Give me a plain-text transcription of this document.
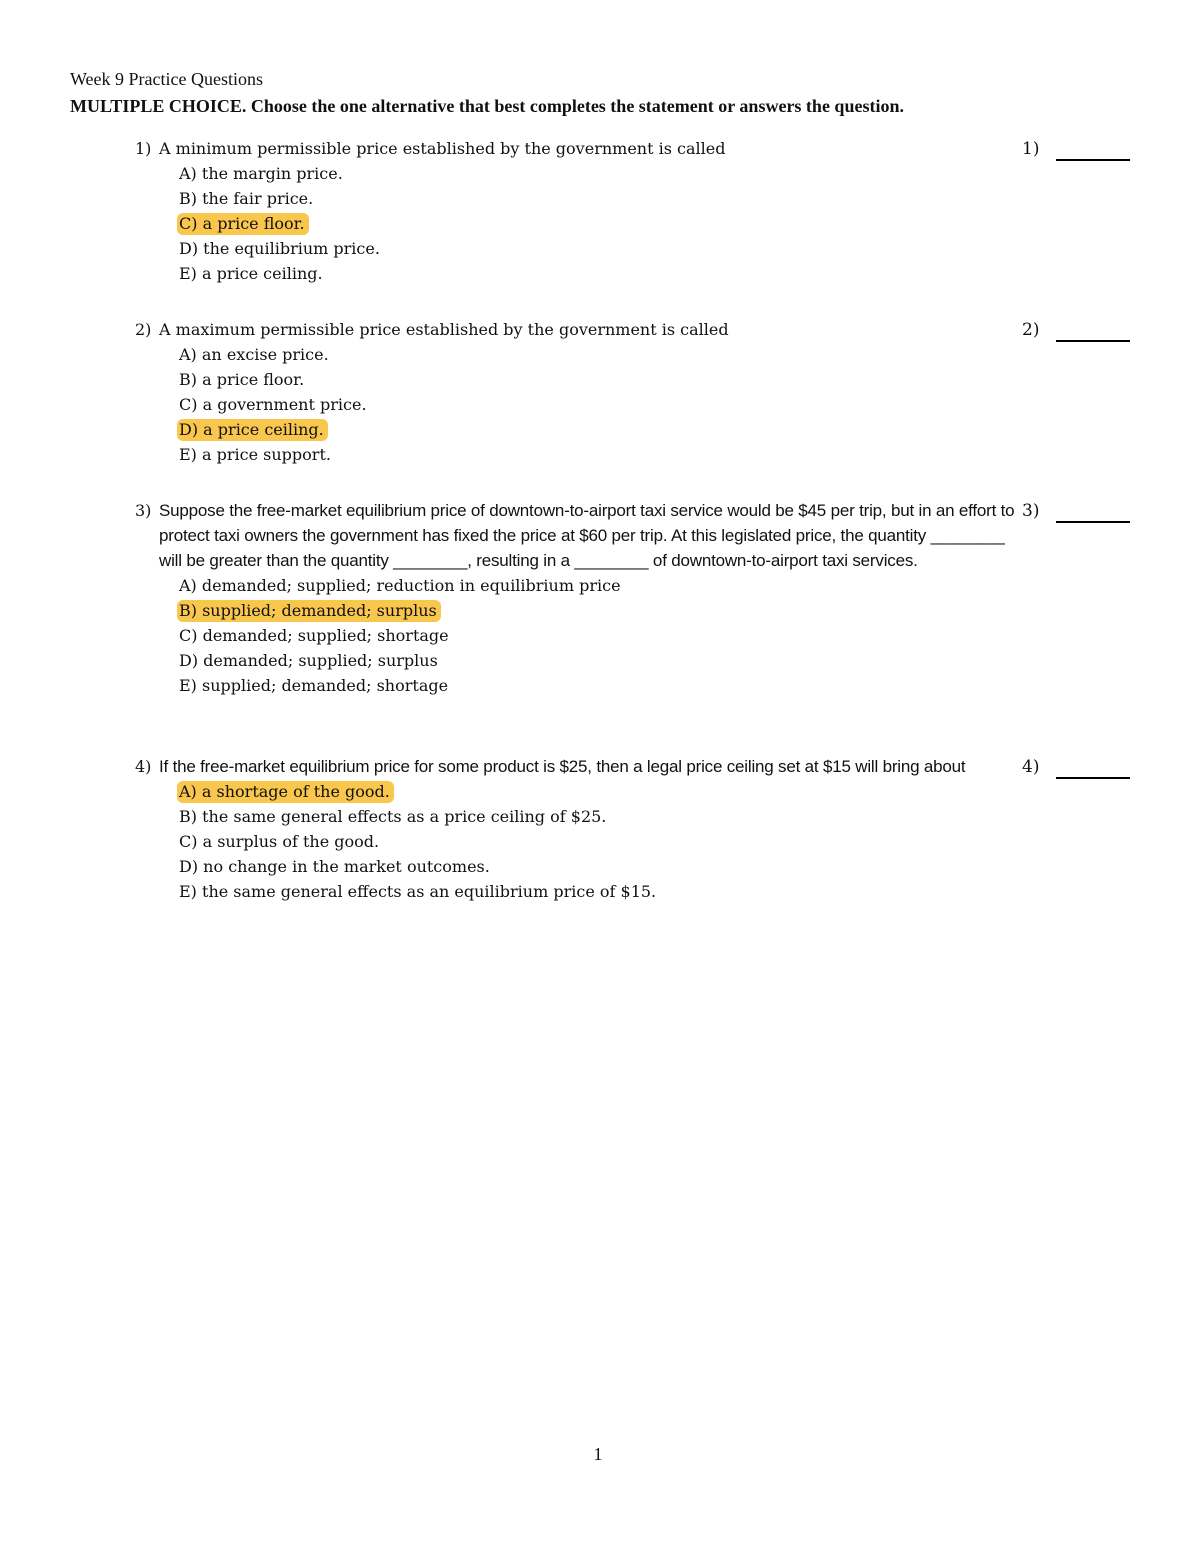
Week 9 Practice Questions
MULTIPLE CHOICE. Choose the one alternative that best completes the statement or answers the question.
1) A minimum permissible price established by the government is called
A) the margin price.
B) the fair price.
C) a price floor.
D) the equilibrium price.
E) a price ceiling.
1)
2) A maximum permissible price established by the government is called
A) an excise price.
B) a price floor.
C) a government price.
D) a price ceiling.
E) a price support.
2)
3) Suppose the free-market equilibrium price of downtown-to-airport taxi service would be $45 per trip, but in an effort to protect taxi owners the government has fixed the price at $60 per trip. At this legislated price, the quantity ________ will be greater than the quantity ________, resulting in a ________ of downtown-to-airport taxi services.
A) demanded; supplied; reduction in equilibrium price
B) supplied; demanded; surplus
C) demanded; supplied; shortage
D) demanded; supplied; surplus
E) supplied; demanded; shortage
3)
4) If the free-market equilibrium price for some product is $25, then a legal price ceiling set at $15 will bring about
A) a shortage of the good.
B) the same general effects as a price ceiling of $25.
C) a surplus of the good.
D) no change in the market outcomes.
E) the same general effects as an equilibrium price of $15.
4)
1
